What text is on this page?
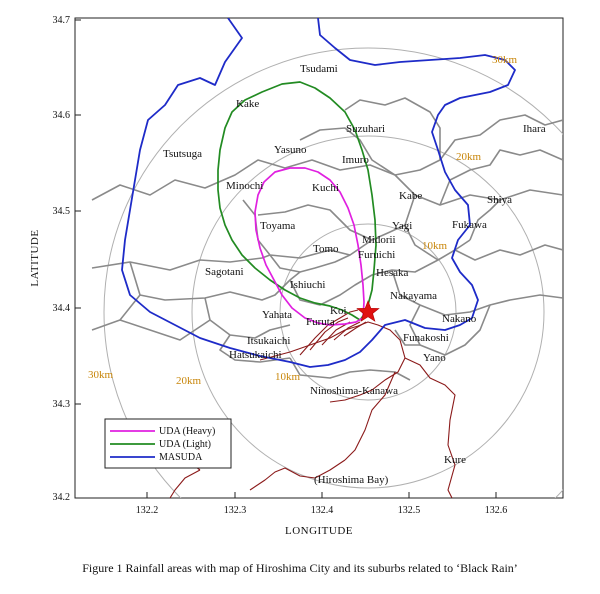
132.2	132.3	132.4	132.5	132.6
LONGITUDE
34.7
34.6
34.5
34.4
34.3
34.2
LATITUDE
30km
20km
10km
30km	20km	10km
Tsudami
Kake
Suzuhari	Ihara
Tsutsuga	Yasuno
Imuro
Minochi	Kuchi
Kabe	Shiya
Toyama	Yagi	Fukawa
Midorii
Tomo Furuichi
Sagotani	Hesaka
Ishiuchi
Nakayama
Koi
Yahata
Furuta	Nakano
Funakoshi
Itsukaichi
Yano
Hatsukaichi
Ninoshima-Kanawa
Kure
(Hiroshima Bay)
UDA (Heavy)
UDA (Light)
MASUDA
Figure 1 Rainfall areas with map of Hiroshima City and its suburbs related to ‘Black Rain’
